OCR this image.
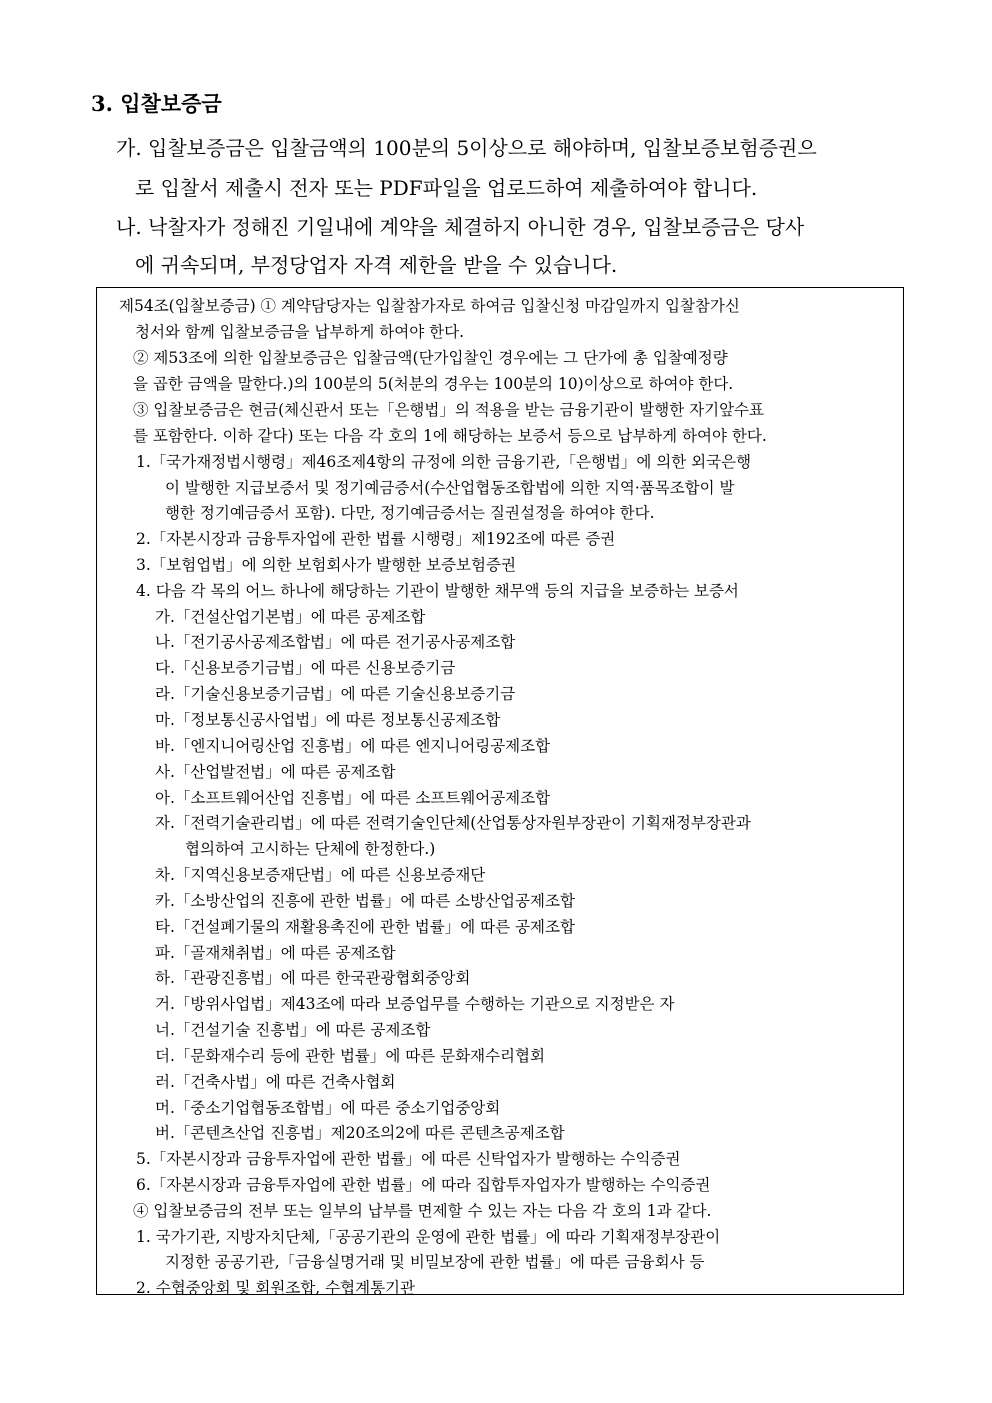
3. 입찰보증금
가. 입찰보증금은 입찰금액의 100분의 5이상으로 해야하며, 입찰보증보험증권으
로 입찰서 제출시 전자 또는 PDF파일을 업로드하여 제출하여야 합니다.
나. 낙찰자가 정해진 기일내에 계약을 체결하지 아니한 경우, 입찰보증금은 당사
에 귀속되며, 부정당업자 자격 제한을 받을 수 있습니다.
제54조(입찰보증금) ① 계약담당자는 입찰참가자로 하여금 입찰신청 마감일까지 입찰참가신
청서와 함께 입찰보증금을 납부하게 하여야 한다.
② 제53조에 의한 입찰보증금은 입찰금액(단가입찰인 경우에는 그 단가에 총 입찰예정량
을 곱한 금액을 말한다.)의 100분의 5(처분의 경우는 100분의 10)이상으로 하여야 한다.
③ 입찰보증금은 현금(체신관서 또는「은행법」의 적용을 받는 금융기관이 발행한 자기앞수표
를 포함한다. 이하 같다) 또는 다음 각 호의 1에 해당하는 보증서 등으로 납부하게 하여야 한다.
1.「국가재정법시행령」제46조제4항의 규정에 의한 금융기관,「은행법」에 의한 외국은행
이 발행한 지급보증서 및 정기예금증서(수산업협동조합법에 의한 지역·품목조합이 발
행한 정기예금증서 포함). 다만, 정기예금증서는 질권설정을 하여야 한다.
2.「자본시장과 금융투자업에 관한 법률 시행령」제192조에 따른 증권
3.「보험업법」에 의한 보험회사가 발행한 보증보험증권
4. 다음 각 목의 어느 하나에 해당하는 기관이 발행한 채무액 등의 지급을 보증하는 보증서
가.「건설산업기본법」에 따른 공제조합
나.「전기공사공제조합법」에 따른 전기공사공제조합
다.「신용보증기금법」에 따른 신용보증기금
라.「기술신용보증기금법」에 따른 기술신용보증기금
마.「정보통신공사업법」에 따른 정보통신공제조합
바.「엔지니어링산업 진흥법」에 따른 엔지니어링공제조합
사.「산업발전법」에 따른 공제조합
아.「소프트웨어산업 진흥법」에 따른 소프트웨어공제조합
자.「전력기술관리법」에 따른 전력기술인단체(산업통상자원부장관이 기획재정부장관과
협의하여 고시하는 단체에 한정한다.)
차.「지역신용보증재단법」에 따른 신용보증재단
카.「소방산업의 진흥에 관한 법률」에 따른 소방산업공제조합
타.「건설폐기물의 재활용촉진에 관한 법률」에 따른 공제조합
파.「골재채취법」에 따른 공제조합
하.「관광진흥법」에 따른 한국관광협회중앙회
거.「방위사업법」제43조에 따라 보증업무를 수행하는 기관으로 지정받은 자
너.「건설기술 진흥법」에 따른 공제조합
더.「문화재수리 등에 관한 법률」에 따른 문화재수리협회
러.「건축사법」에 따른 건축사협회
머.「중소기업협동조합법」에 따른 중소기업중앙회
버.「콘텐츠산업 진흥법」제20조의2에 따른 콘텐츠공제조합
5.「자본시장과 금융투자업에 관한 법률」에 따른 신탁업자가 발행하는 수익증권
6.「자본시장과 금융투자업에 관한 법률」에 따라 집합투자업자가 발행하는 수익증권
④ 입찰보증금의 전부 또는 일부의 납부를 면제할 수 있는 자는 다음 각 호의 1과 같다.
1. 국가기관, 지방자치단체,「공공기관의 운영에 관한 법률」에 따라 기획재정부장관이
지정한 공공기관,「금융실명거래 및 비밀보장에 관한 법률」에 따른 금융회사 등
2. 수협중앙회 및 회원조합, 수협계통기관
